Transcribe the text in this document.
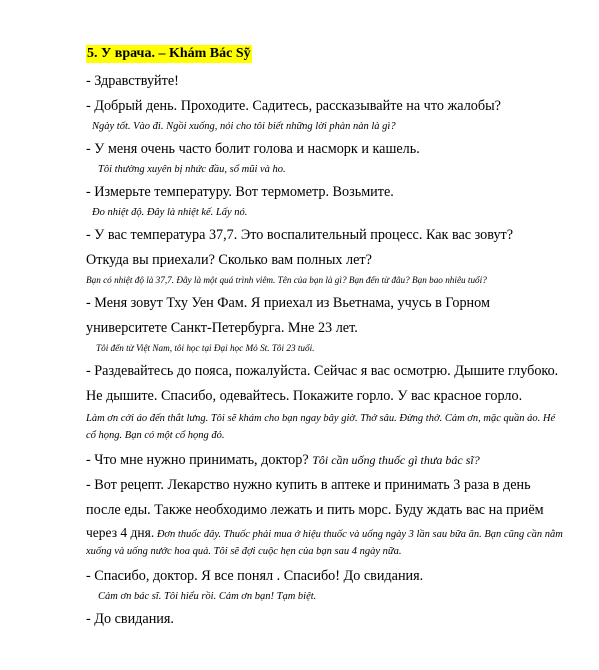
5. У врача. – Khám Bác Sỹ
- Здравствуйте!
- Добрый день. Проходите. Садитесь, рассказывайте на что жалобы?
Ngày tốt. Vào đi. Ngồi xuống, nói cho tôi biết những lời phàn nàn là gì?
- У меня очень часто болит голова и насморк и кашель.
Tôi thường xuyên bị nhức đầu, sổ mũi và ho.
- Измерьте температуру. Вот термометр. Возьмите.
Đo nhiệt độ. Đây là nhiệt kế. Lấy nó.
- У вас температура 37,7. Это воспалительный процесс. Как вас зовут?
Откуда вы приехали? Сколько вам полных лет?
Bạn có nhiệt độ là 37,7. Đây là một quá trình viêm. Tên của bạn là gì? Bạn đến từ đâu? Bạn bao nhiêu tuổi?
- Меня зовут Тху Уен Фам. Я приехал из Вьетнама, учусь в Горном
университете Санкт-Петербурга. Мне 23 лет.
Tôi đến từ Việt Nam, tôi học tại Đại học Mỏ St. Tôi 23 tuổi.
- Раздевайтесь до пояса, пожалуйста. Сейчас я вас осмотрю. Дышите глубоко.
Не дышите. Спасибо, одевайтесь. Покажите горло. У вас красное горло.
Làm ơn cởi áo đến thắt lưng. Tôi sẽ khám cho bạn ngay bây giờ. Thở sâu. Đừng thở. Cảm ơn, mặc quần áo. Hé cổ họng. Bạn có một cổ họng đỏ.
- Что мне нужно принимать, доктор? Tôi cần uống thuốc gì thưa bác sĩ?
- Вот рецепт. Лекарство нужно купить в аптеке и принимать 3 раза в день
после еды. Также необходимо лежать и пить морс. Буду ждать вас на приём
через 4 дня. Đơn thuốc đây. Thuốc phải mua ở hiệu thuốc và uống ngày 3 lần sau bữa ăn. Bạn cũng cần nằm xuống và uống nước hoa quả. Tôi sẽ đợi cuộc hẹn của bạn sau 4 ngày nữa.
- Спасибо, доктор. Я все понял . Спасибо! До свидания.
Cảm ơn bác sĩ. Tôi hiểu rồi. Cảm ơn bạn! Tạm biệt.
- До свидания.
